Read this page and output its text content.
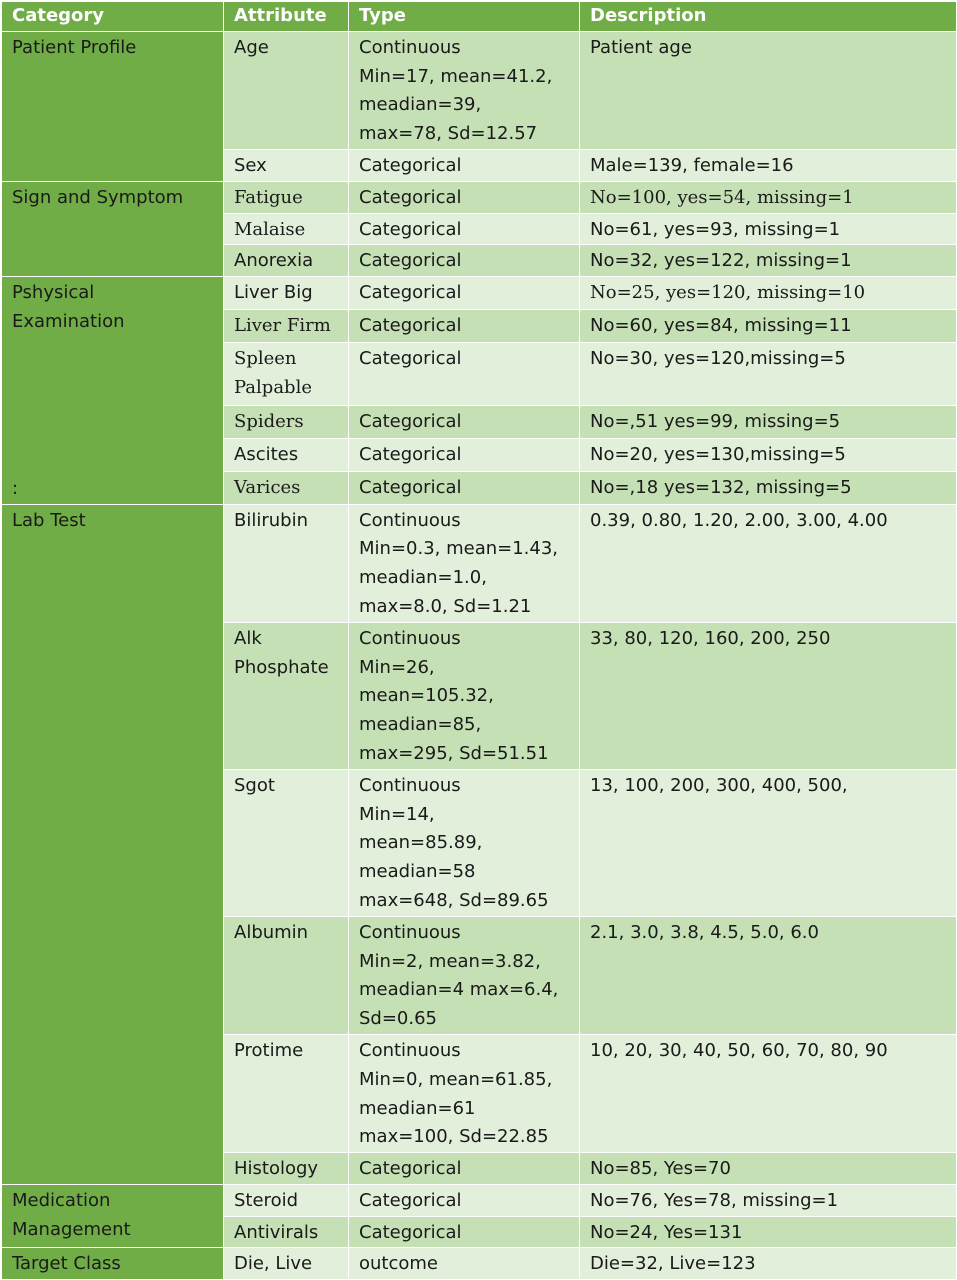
Category	Attribute	Type	Description
Patient Profile	Age	Continuous
Min=17, mean=41.2,
meadian=39,
max=78, Sd=12.57	Patient age

	Sex	Categorical	Male=139, female=16
Sign and Symptom	Fatigue	Categorical	No=100, yes=54, missing=1

	Malaise	Categorical	No=61, yes=93, missing=1

	Anorexia	Categorical	No=32, yes=122, missing=1

Pshysical
Examination
:	Liver Big	Categorical	No=25, yes=120, missing=10

	Liver Firm	Categorical	No=60, yes=84, missing=11

	Spleen
Palpable	Categorical	No=30, yes=120,missing=5

	Spiders	Categorical	No=,51 yes=99, missing=5

	Ascites	Categorical	No=20, yes=130,missing=5

	Varices	Categorical	No=,18 yes=132, missing=5
Lab Test	Bilirubin	Continuous
Min=0.3, mean=1.43,
meadian=1.0,
max=8.0, Sd=1.21	0.39, 0.80, 1.20, 2.00, 3.00, 4.00

	Alk
Phosphate	Continuous
Min=26,
mean=105.32,
meadian=85,
max=295, Sd=51.51	33, 80, 120, 160, 200, 250

	Sgot	Continuous
Min=14,
mean=85.89,
meadian=58
max=648, Sd=89.65	13, 100, 200, 300, 400, 500,

	Albumin	Continuous
Min=2, mean=3.82,
meadian=4 max=6.4,
Sd=0.65	2.1, 3.0, 3.8, 4.5, 5.0, 6.0

	Protime	Continuous
Min=0, mean=61.85,
meadian=61
max=100, Sd=22.85	10, 20, 30, 40, 50, 60, 70, 80, 90

	Histology	Categorical	No=85, Yes=70

Medication
Management	Steroid	Categorical	No=76, Yes=78, missing=1

	Antivirals	Categorical	No=24, Yes=131
Target Class	Die, Live	outcome	Die=32, Live=123
